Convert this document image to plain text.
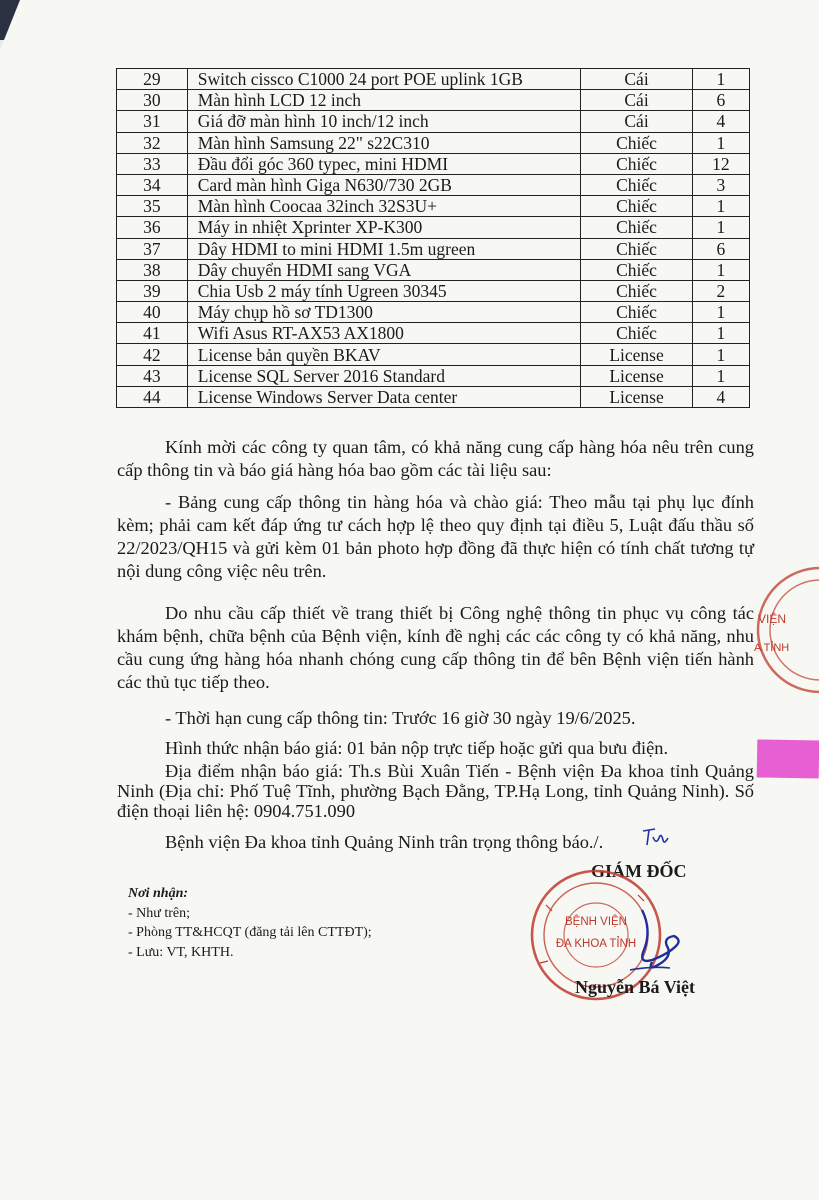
29	Switch cissco C1000 24 port POE uplink 1GB	Cái	1
30	Màn hình LCD 12 inch	Cái	6
31	Giá đỡ màn hình 10 inch/12 inch	Cái	4
32	Màn hình Samsung 22" s22C310	Chiếc	1
33	Đầu đổi góc 360 typec, mini HDMI	Chiếc	12
34	Card màn hình Giga N630/730 2GB	Chiếc	3
35	Màn hình Coocaa 32inch 32S3U+	Chiếc	1
36	Máy in nhiệt Xprinter XP-K300	Chiếc	1
37	Dây HDMI to mini HDMI 1.5m ugreen	Chiếc	6
38	Dây chuyển HDMI sang VGA	Chiếc	1
39	Chia Usb 2 máy tính Ugreen 30345	Chiếc	2
40	Máy chụp hồ sơ TD1300	Chiếc	1
41	Wifi Asus RT-AX53 AX1800	Chiếc	1
42	License bản quyền BKAV	License	1
43	License SQL Server 2016 Standard	License	1
44	License Windows Server Data center	License	4

Kính mời các công ty quan tâm, có khả năng cung cấp hàng hóa nêu trên cung cấp thông tin và báo giá hàng hóa bao gồm các tài liệu sau:

- Bảng cung cấp thông tin hàng hóa và chào giá: Theo mẫu tại phụ lục đính kèm; phải cam kết đáp ứng tư cách hợp lệ theo quy định tại điều 5, Luật đấu thầu số 22/2023/QH15 và gửi kèm 01 bản photo hợp đồng đã thực hiện có tính chất tương tự nội dung công việc nêu trên.

Do nhu cầu cấp thiết về trang thiết bị Công nghệ thông tin phục vụ công tác khám bệnh, chữa bệnh của Bệnh viện, kính đề nghị các các công ty có khả năng, nhu cầu cung ứng hàng hóa nhanh chóng cung cấp thông tin để bên Bệnh viện tiến hành các thủ tục tiếp theo.

- Thời hạn cung cấp thông tin: Trước 16 giờ 30 ngày 19/6/2025.

Hình thức nhận báo giá: 01 bản nộp trực tiếp hoặc gửi qua bưu điện.

Địa điểm nhận báo giá: Th.s Bùi Xuân Tiến - Bệnh viện Đa khoa tỉnh Quảng Ninh (Địa chỉ: Phố Tuệ Tĩnh, phường Bạch Đằng, TP.Hạ Long, tỉnh Quảng Ninh). Số điện thoại liên hệ: 0904.751.090

Bệnh viện Đa khoa tỉnh Quảng Ninh trân trọng thông báo./.

Nơi nhận:
- Như trên;
- Phòng TT&HCQT (đăng tải lên CTTĐT);
- Lưu: VT, KHTH.
VIỆN
A TỈNH
GIÁM ĐỐC
BỆNH VIỆN
ĐA KHOA TỈNH
Nguyễn Bá Việt
